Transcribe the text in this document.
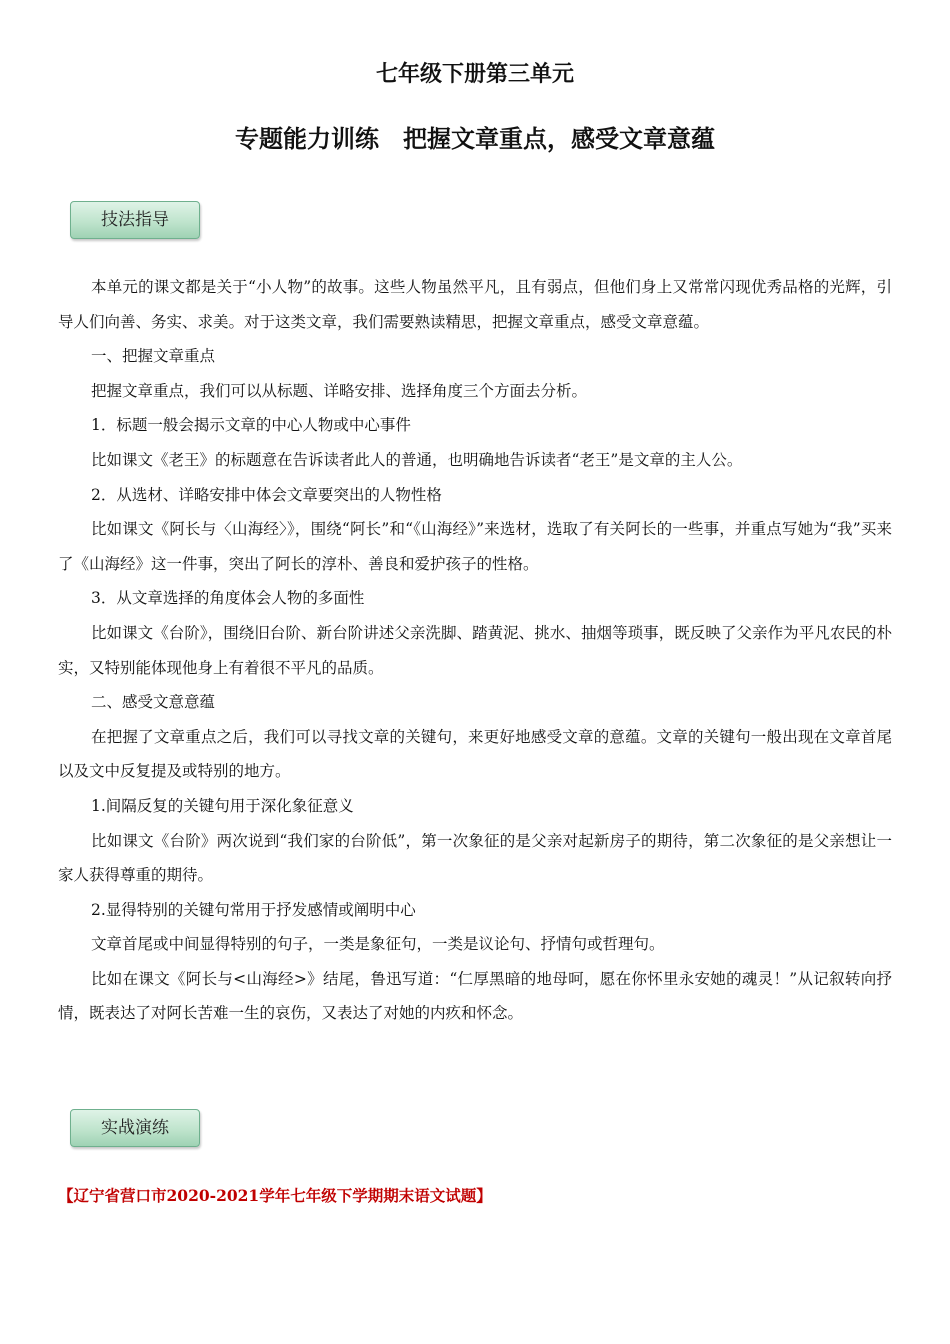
七年级下册第三单元
专题能力训练　把握文章重点，感受文章意蕴
技法指导

本单元的课文都是关于“小人物”的故事。这些人物虽然平凡，且有弱点，但他们身上又常常闪现优秀品格的光辉，引导人们向善、务实、求美。对于这类文章，我们需要熟读精思，把握文章重点，感受文章意蕴。

一、把握文章重点

把握文章重点，我们可以从标题、详略安排、选择角度三个方面去分析。

1．标题一般会揭示文章的中心人物或中心事件

比如课文《老王》的标题意在告诉读者此人的普通，也明确地告诉读者“老王”是文章的主人公。

2．从选材、详略安排中体会文章要突出的人物性格

比如课文《阿长与〈山海经〉》，围绕“阿长”和“《山海经》”来选材，选取了有关阿长的一些事，并重点写她为“我”买来了《山海经》这一件事，突出了阿长的淳朴、善良和爱护孩子的性格。

3．从文章选择的角度体会人物的多面性

比如课文《台阶》，围绕旧台阶、新台阶讲述父亲洗脚、踏黄泥、挑水、抽烟等琐事，既反映了父亲作为平凡农民的朴实，又特别能体现他身上有着很不平凡的品质。

二、感受文意意蕴

在把握了文章重点之后，我们可以寻找文章的关键句，来更好地感受文章的意蕴。文章的关键句一般出现在文章首尾以及文中反复提及或特别的地方。

1.间隔反复的关键句用于深化象征意义

比如课文《台阶》两次说到“我们家的台阶低”，第一次象征的是父亲对起新房子的期待，第二次象征的是父亲想让一家人获得尊重的期待。

2.显得特别的关键句常用于抒发感情或阐明中心

文章首尾或中间显得特别的句子，一类是象征句，一类是议论句、抒情句或哲理句。

比如在课文《阿长与<山海经>》结尾，鲁迅写道：“仁厚黑暗的地母呵，愿在你怀里永安她的魂灵！”从记叙转向抒情，既表达了对阿长苦难一生的哀伤，又表达了对她的内疚和怀念。

实战演练
【辽宁省营口市2020-2021学年七年级下学期期末语文试题】
